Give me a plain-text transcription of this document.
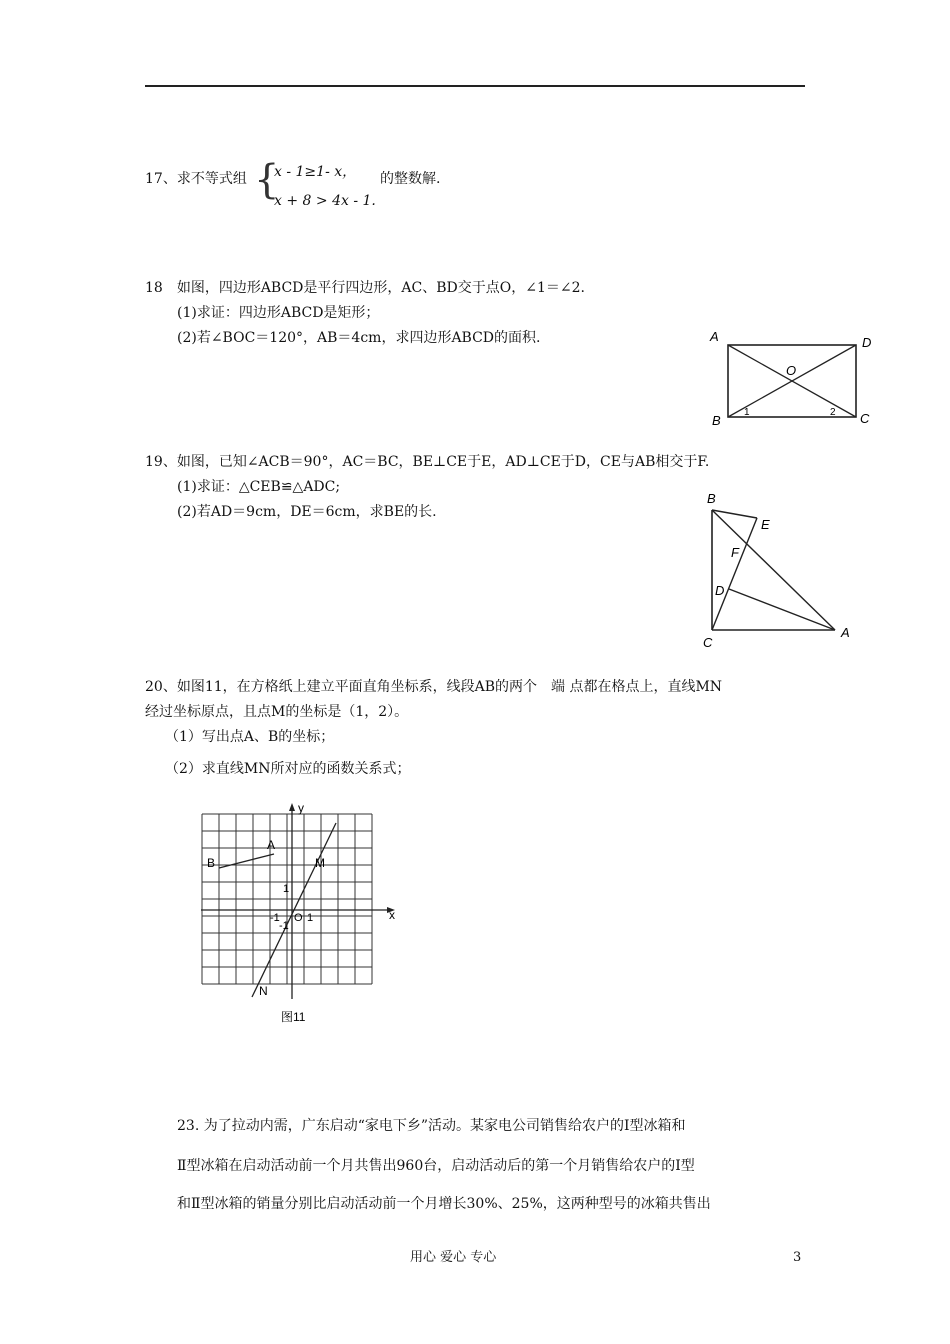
17、求不等式组 {
x - 1≥1- x，
x + 8 > 4x - 1.
的整数解.
18　如图，四边形ABCD是平行四边形，AC、BD交于点O，∠1＝∠2.
(1)求证：四边形ABCD是矩形；
(2)若∠BOC＝120°，AB＝4cm，求四边形ABCD的面积.	A	D
B	C
O
1	2
19、如图，已知∠ACB＝90°，AC＝BC，BE⊥CE于E，AD⊥CE于D，CE与AB相交于F.
(1)求证：△CEB≌△ADC;
(2)若AD＝9cm，DE＝6cm，求BE的长.
B
E
F
D
C
A
20、如图11，在方格纸上建立平面直角坐标系，线段AB的两个　端 点都在格点上，直线MN
经过坐标原点，且点M的坐标是（1，2）。
（1）写出点A、B的坐标；
（2）求直线MN所对应的函数关系式；
y
x
O 1
-1
1
-1
A
B	M
N
图11
23. 为了拉动内需，广东启动“家电下乡”活动。某家电公司销售给农户的Ⅰ型冰箱和
Ⅱ型冰箱在启动活动前一个月共售出960台，启动活动后的第一个月销售给农户的Ⅰ型
和Ⅱ型冰箱的销量分别比启动活动前一个月增长30%、25%，这两种型号的冰箱共售出
用心 爱心 专心	3
